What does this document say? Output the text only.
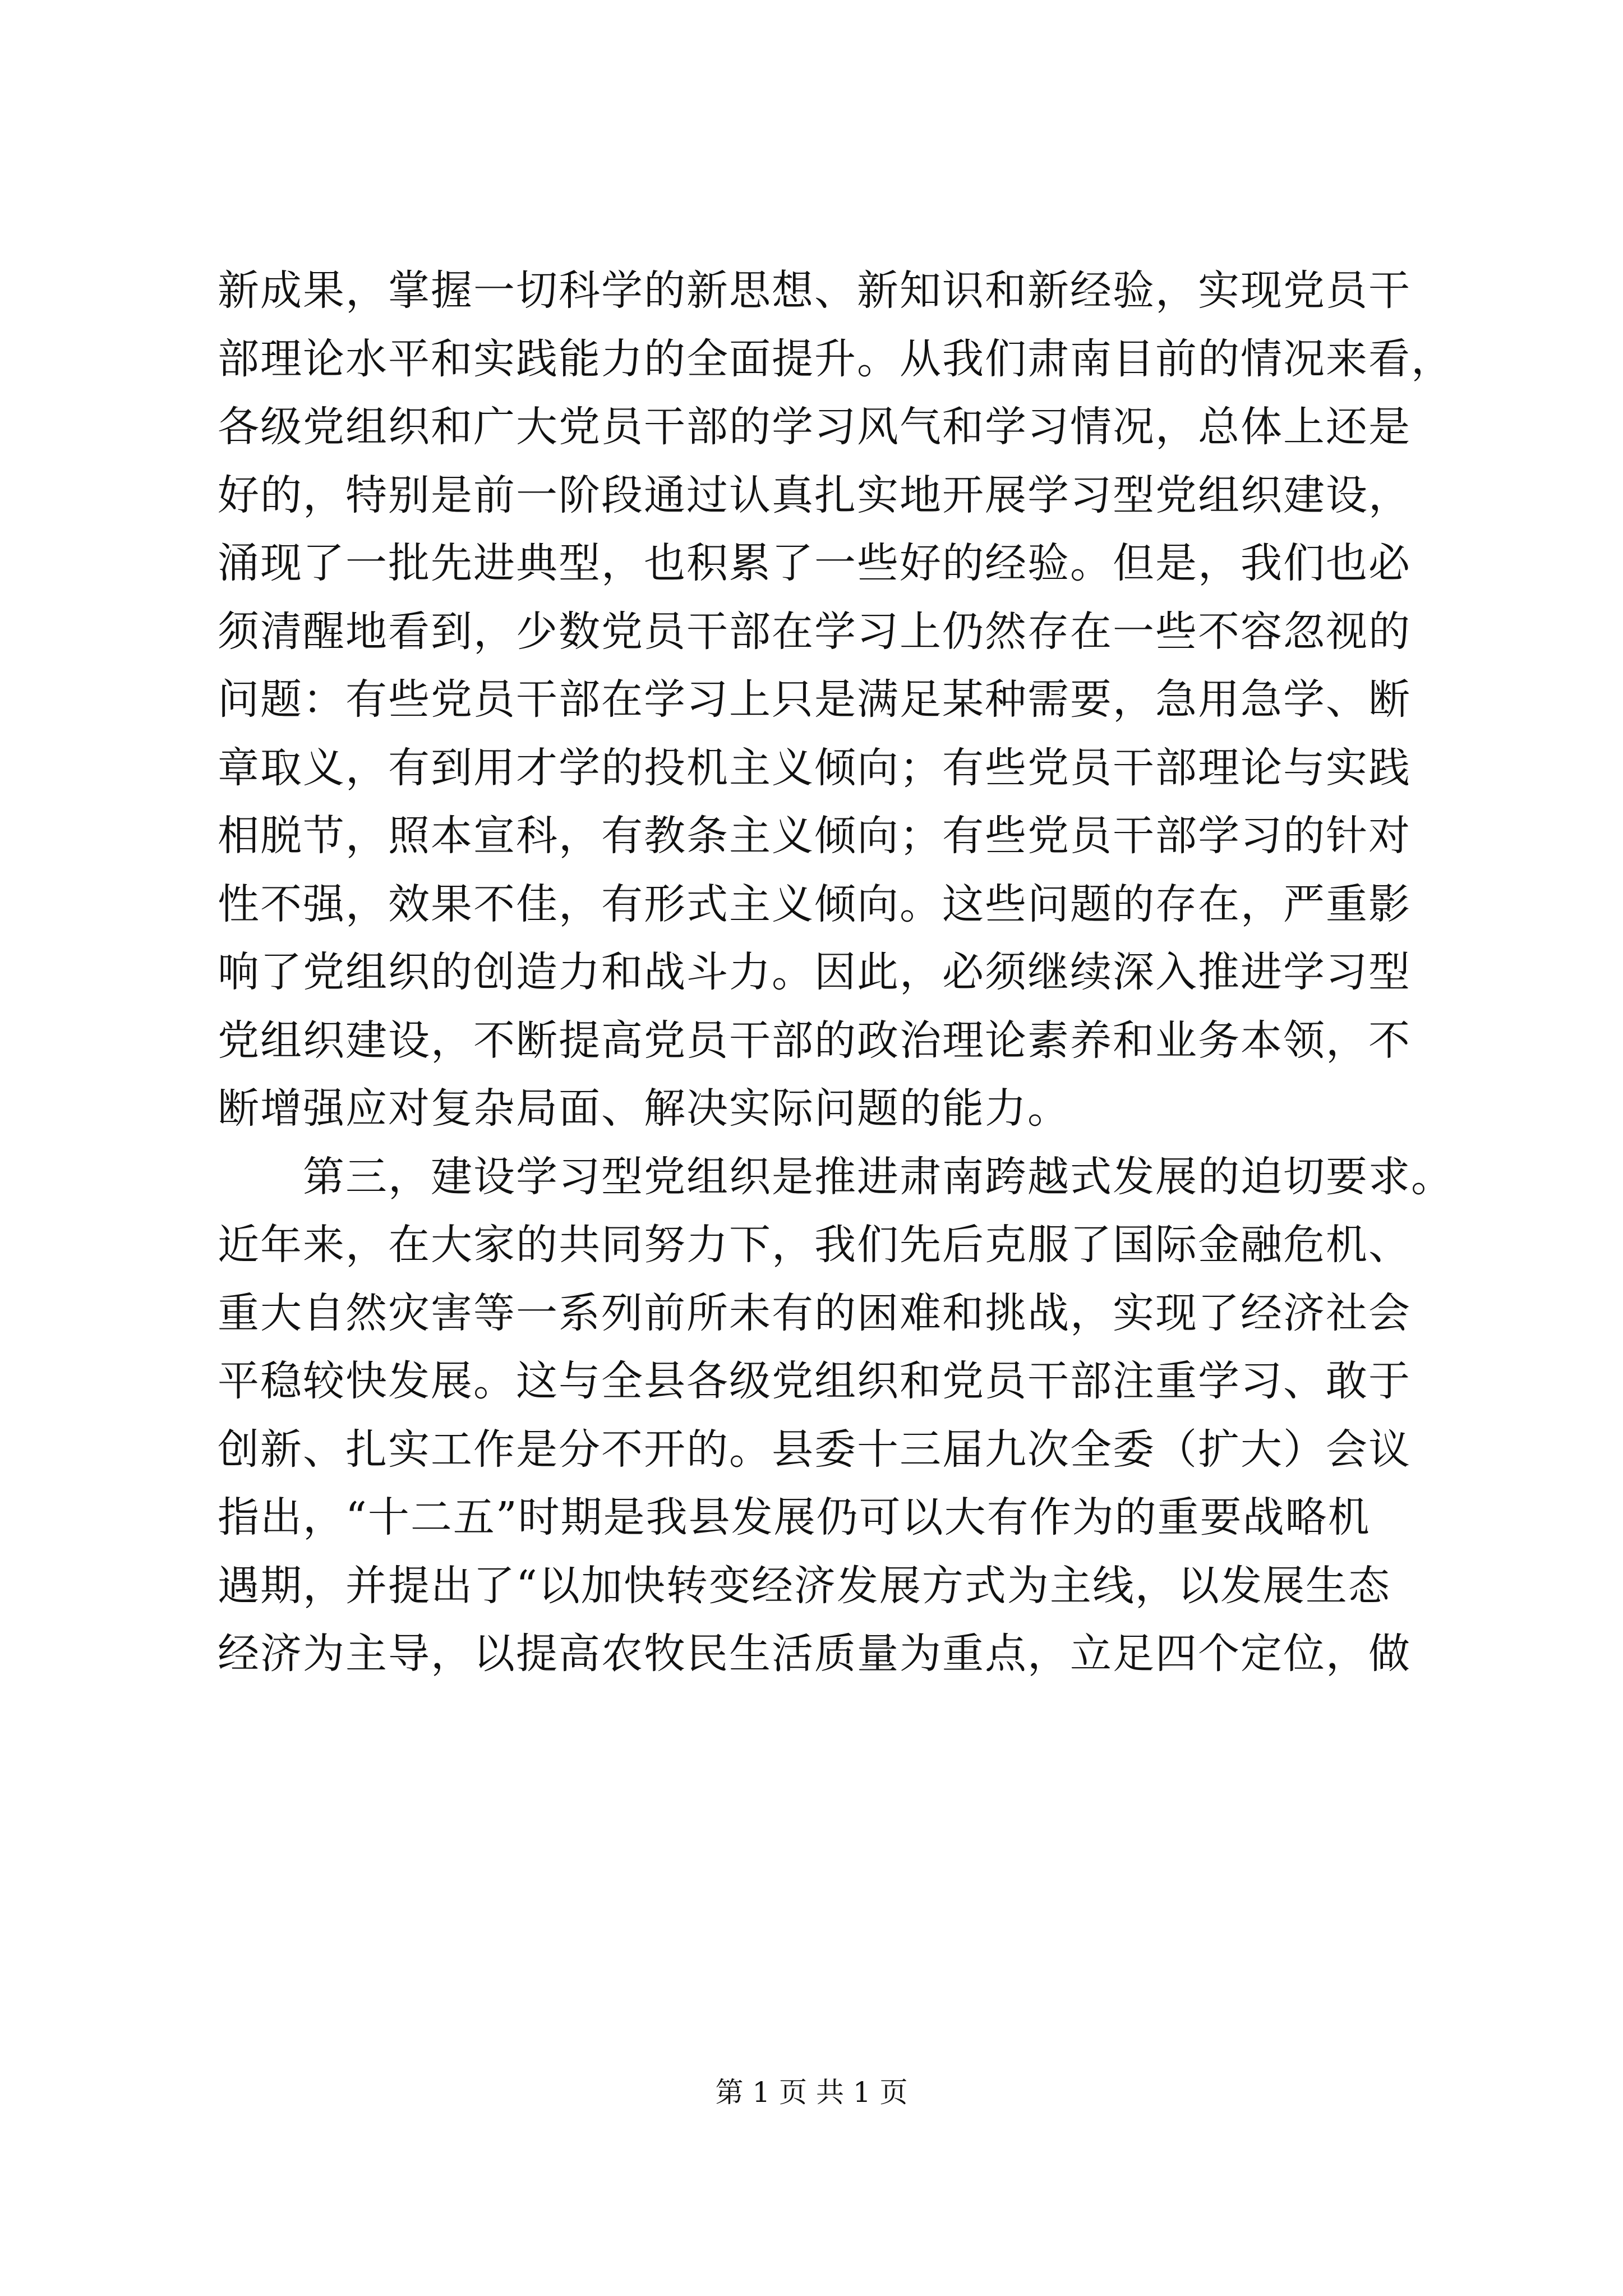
新成果，掌握一切科学的新思想、新知识和新经验，实现党员干
部理论水平和实践能力的全面提升。从我们肃南目前的情况来看，
各级党组织和广大党员干部的学习风气和学习情况，总体上还是
好的，特别是前一阶段通过认真扎实地开展学习型党组织建设，
涌现了一批先进典型，也积累了一些好的经验。但是，我们也必
须清醒地看到，少数党员干部在学习上仍然存在一些不容忽视的
问题：有些党员干部在学习上只是满足某种需要，急用急学、断
章取义，有到用才学的投机主义倾向；有些党员干部理论与实践
相脱节，照本宣科，有教条主义倾向；有些党员干部学习的针对
性不强，效果不佳，有形式主义倾向。这些问题的存在，严重影
响了党组织的创造力和战斗力。因此，必须继续深入推进学习型
党组织建设，不断提高党员干部的政治理论素养和业务本领，不
断增强应对复杂局面、解决实际问题的能力。
第三，建设学习型党组织是推进肃南跨越式发展的迫切要求。
近年来，在大家的共同努力下，我们先后克服了国际金融危机、
重大自然灾害等一系列前所未有的困难和挑战，实现了经济社会
平稳较快发展。这与全县各级党组织和党员干部注重学习、敢于
创新、扎实工作是分不开的。县委十三届九次全委（扩大）会议
指出，“十二五”时期是我县发展仍可以大有作为的重要战略机
遇期，并提出了“以加快转变经济发展方式为主线，以发展生态
经济为主导，以提高农牧民生活质量为重点，立足四个定位，做
第 1 页 共 1 页
